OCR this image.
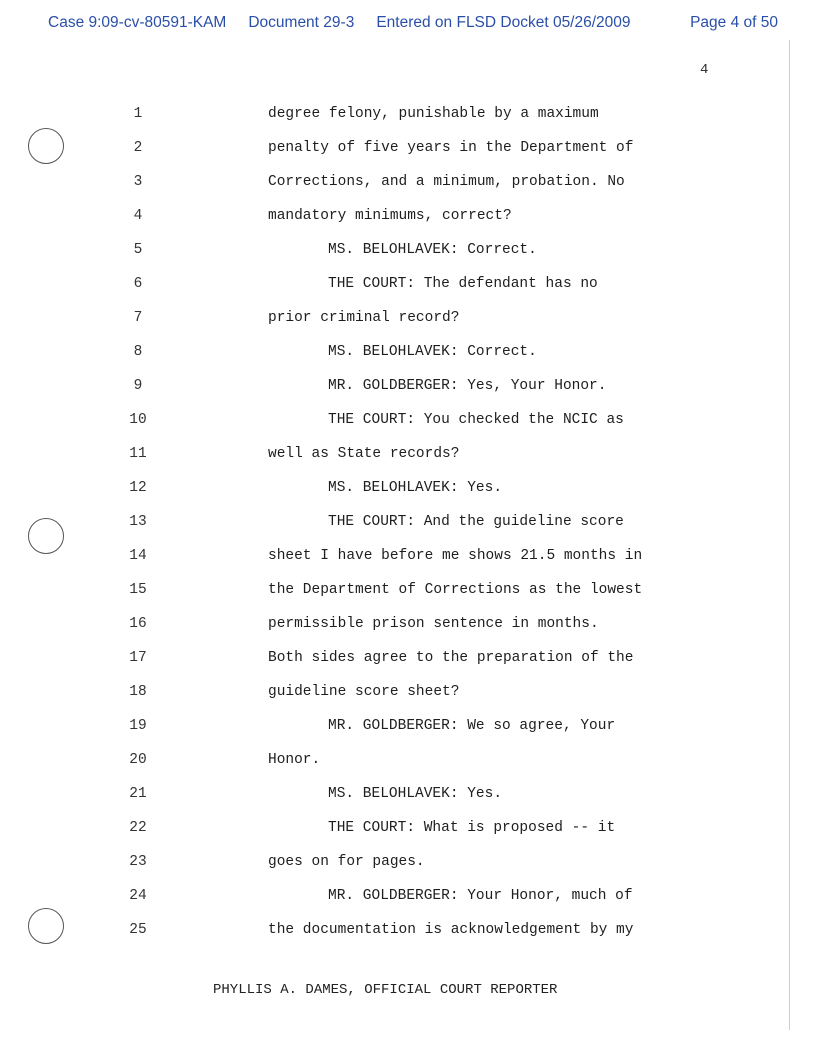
Case 9:09-cv-80591-KAM Document 29-3 Entered on FLSD Docket 05/26/2009	Page 4 of 50
4
1	degree felony, punishable by a maximum
2	penalty of five years in the Department of
3	Corrections, and a minimum, probation. No
4	mandatory minimums, correct?
5	MS. BELOHLAVEK: Correct.
6	THE COURT: The defendant has no
7	prior criminal record?
8	MS. BELOHLAVEK: Correct.
9	MR. GOLDBERGER: Yes, Your Honor.
10	THE COURT: You checked the NCIC as
11	well as State records?
12	MS. BELOHLAVEK: Yes.
13	THE COURT: And the guideline score
14	sheet I have before me shows 21.5 months in
15	the Department of Corrections as the lowest
16	permissible prison sentence in months.
17	Both sides agree to the preparation of the
18	guideline score sheet?
19	MR. GOLDBERGER: We so agree, Your
20	Honor.
21	MS. BELOHLAVEK: Yes.
22	THE COURT: What is proposed -- it
23	goes on for pages.
24	MR. GOLDBERGER: Your Honor, much of
25	the documentation is acknowledgement by my
PHYLLIS A. DAMES, OFFICIAL COURT REPORTER
